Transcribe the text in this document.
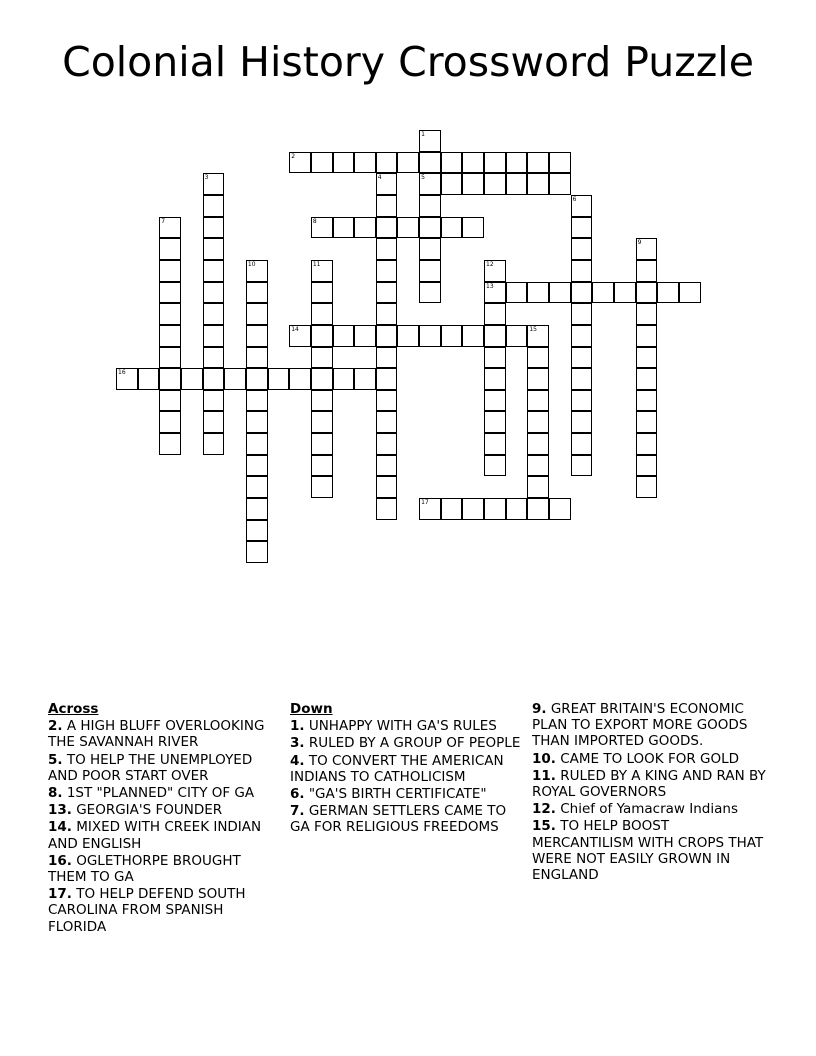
Colonial History Crossword Puzzle
1
5
2
3	4
6
7	8
9
10	11	12
13
14	15
16
17
Across
2. A HIGH BLUFF OVERLOOKING THE SAVANNAH RIVER
5. TO HELP THE UNEMPLOYED AND POOR START OVER
8. 1ST "PLANNED" CITY OF GA
13. GEORGIA'S FOUNDER
14. MIXED WITH CREEK INDIAN AND ENGLISH
16. OGLETHORPE BROUGHT THEM TO GA
17. TO HELP DEFEND SOUTH CAROLINA FROM SPANISH FLORIDA
Down
1. UNHAPPY WITH GA'S RULES
3. RULED BY A GROUP OF PEOPLE
4. TO CONVERT THE AMERICAN INDIANS TO CATHOLICISM
6. "GA'S BIRTH CERTIFICATE"
7. GERMAN SETTLERS CAME TO GA FOR RELIGIOUS FREEDOMS
9. GREAT BRITAIN'S ECONOMIC PLAN TO EXPORT MORE GOODS THAN IMPORTED GOODS.
10. CAME TO LOOK FOR GOLD
11. RULED BY A KING AND RAN BY ROYAL GOVERNORS
12. Chief of Yamacraw Indians
15. TO HELP BOOST MERCANTILISM WITH CROPS THAT WERE NOT EASILY GROWN IN ENGLAND
